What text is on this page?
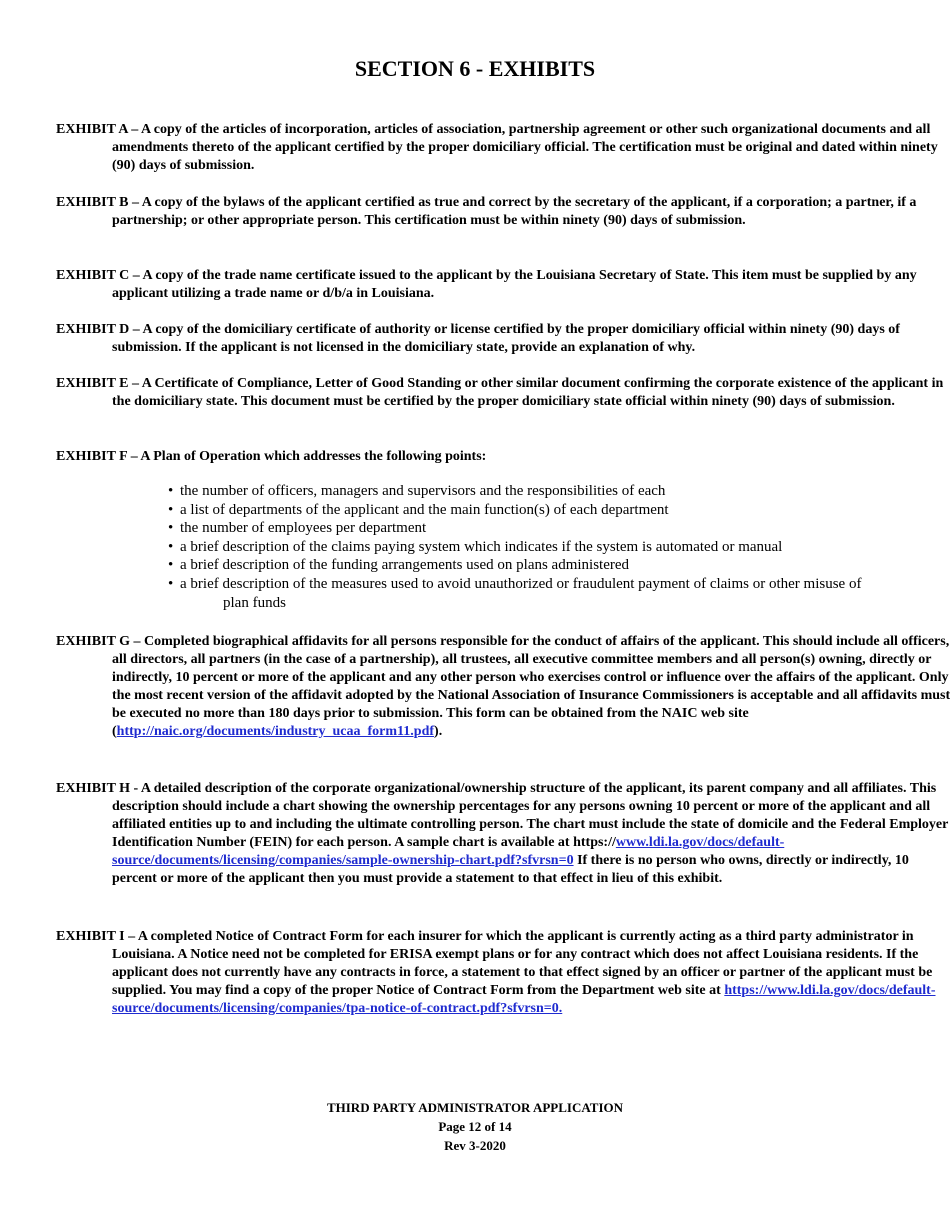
SECTION 6 - EXHIBITS

EXHIBIT A – A copy of the articles of incorporation, articles of association, partnership agreement or other such organizational documents and all amendments thereto of the applicant certified by the proper domiciliary official. The certification must be original and dated within ninety (90) days of submission.

EXHIBIT B – A copy of the bylaws of the applicant certified as true and correct by the secretary of the applicant, if a corporation; a partner, if a partnership; or other appropriate person. This certification must be within ninety (90) days of submission.

EXHIBIT C – A copy of the trade name certificate issued to the applicant by the Louisiana Secretary of State. This item must be supplied by any applicant utilizing a trade name or d/b/a in Louisiana.

EXHIBIT D – A copy of the domiciliary certificate of authority or license certified by the proper domiciliary official within ninety (90) days of submission. If the applicant is not licensed in the domiciliary state, provide an explanation of why.

EXHIBIT E – A Certificate of Compliance, Letter of Good Standing or other similar document confirming the corporate existence of the applicant in the domiciliary state. This document must be certified by the proper domiciliary state official within ninety (90) days of submission.

EXHIBIT F – A Plan of Operation which addresses the following points:

• the number of officers, managers and supervisors and the responsibilities of each
• a list of departments of the applicant and the main function(s) of each department
• the number of employees per department
• a brief description of the claims paying system which indicates if the system is automated or manual
• a brief description of the funding arrangements used on plans administered
• a brief description of the measures used to avoid unauthorized or fraudulent payment of claims or other misuse of plan funds

EXHIBIT G – Completed biographical affidavits for all persons responsible for the conduct of affairs of the applicant. This should include all officers, all directors, all partners (in the case of a partnership), all trustees, all executive committee members and all person(s) owning, directly or indirectly, 10 percent or more of the applicant and any other person who exercises control or influence over the affairs of the applicant. Only the most recent version of the affidavit adopted by the National Association of Insurance Commissioners is acceptable and all affidavits must be executed no more than 180 days prior to submission. This form can be obtained from the NAIC web site (http://naic.org/documents/industry_ucaa_form11.pdf).

EXHIBIT H - A detailed description of the corporate organizational/ownership structure of the applicant, its parent company and all affiliates. This description should include a chart showing the ownership percentages for any persons owning 10 percent or more of the applicant and all affiliated entities up to and including the ultimate controlling person. The chart must include the state of domicile and the Federal Employer Identification Number (FEIN) for each person. A sample chart is available at https://www.ldi.la.gov/docs/default-source/documents/licensing/companies/sample-ownership-chart.pdf?sfvrsn=0 If there is no person who owns, directly or indirectly, 10 percent or more of the applicant then you must provide a statement to that effect in lieu of this exhibit.

EXHIBIT I – A completed Notice of Contract Form for each insurer for which the applicant is currently acting as a third party administrator in Louisiana. A Notice need not be completed for ERISA exempt plans or for any contract which does not affect Louisiana residents. If the applicant does not currently have any contracts in force, a statement to that effect signed by an officer or partner of the applicant must be supplied. You may find a copy of the proper Notice of Contract Form from the Department web site at https://www.ldi.la.gov/docs/default-source/documents/licensing/companies/tpa-notice-of-contract.pdf?sfvrsn=0.

THIRD PARTY ADMINISTRATOR APPLICATION
Page 12 of 14
Rev 3-2020
